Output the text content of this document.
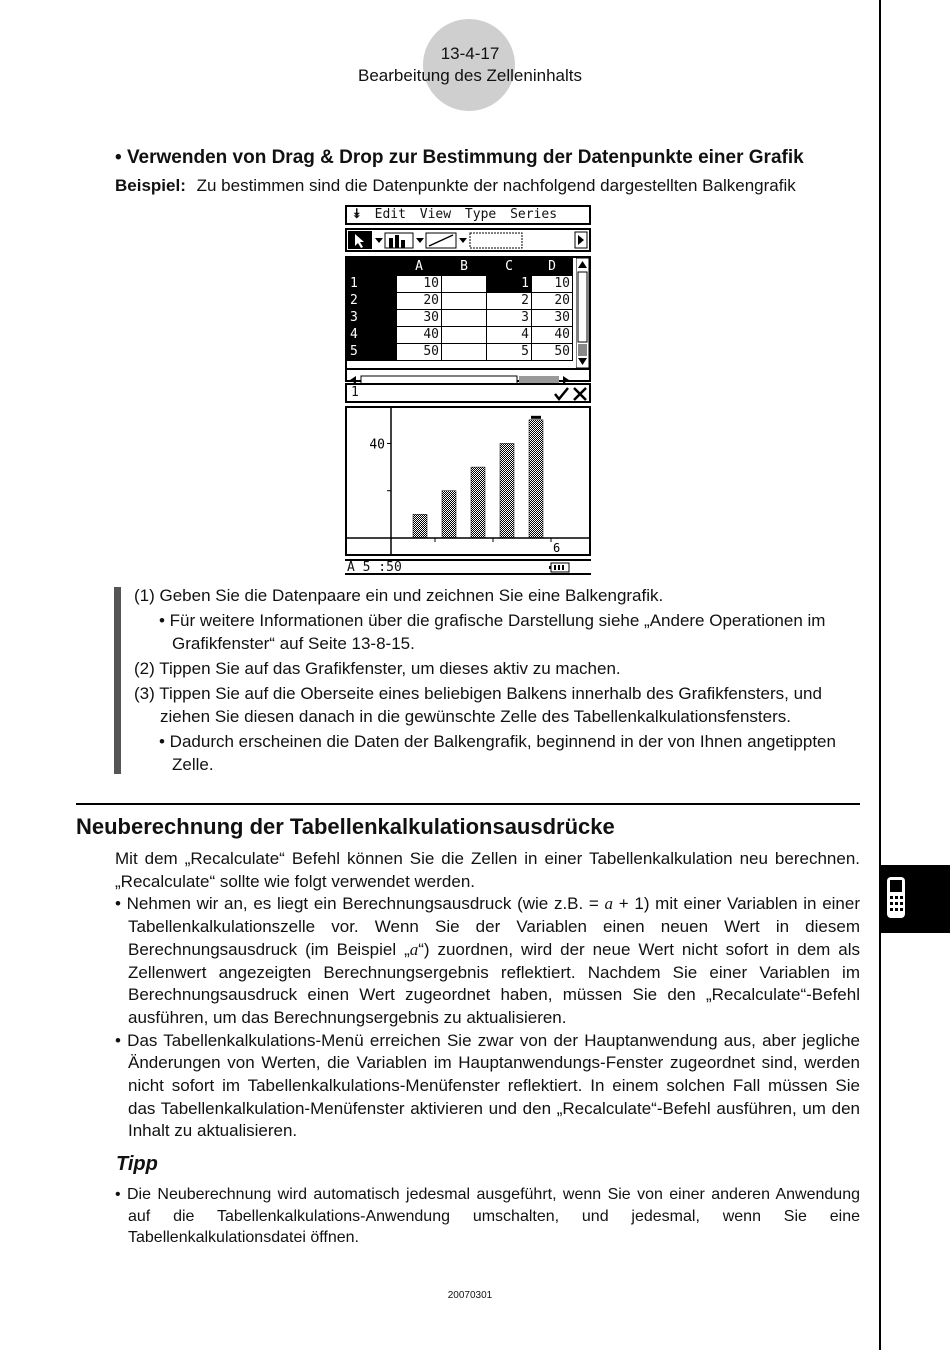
13-4-17
Bearbeitung des Zelleninhalts
• Verwenden von Drag & Drop zur Bestimmung der Datenpunkte einer Grafik
Beispiel: Zu bestimmen sind die Datenpunkte der nachfolgend dargestellten Balkengrafik
⯯ Edit View Type Series
	A	B	C	D
1	10		1	10
2	20		2	20
3	30		3	30
4	40		4	40
5	50		5	50
1
40
6
A 5 :50

(1) Geben Sie die Datenpaare ein und zeichnen Sie eine Balkengrafik.

• Für weitere Informationen über die grafische Darstellung siehe „Andere Operationen im Grafikfenster“ auf Seite 13-8-15.

(2) Tippen Sie auf das Grafikfenster, um dieses aktiv zu machen.

(3) Tippen Sie auf die Oberseite eines beliebigen Balkens innerhalb des Grafikfensters, und ziehen Sie diesen danach in die gewünschte Zelle des Tabellenkalkulationsfensters.

• Dadurch erscheinen die Daten der Balkengrafik, beginnend in der von Ihnen angetippten Zelle.

Neuberechnung der Tabellenkalkulationsausdrücke

Mit dem „Recalculate“ Befehl können Sie die Zellen in einer Tabellenkalkulation neu berechnen. „Recalculate“ sollte wie folgt verwendet werden.

• Nehmen wir an, es liegt ein Berechnungsausdruck (wie z.B. = a + 1) mit einer Variablen in einer Tabellenkalkulationszelle vor. Wenn Sie der Variablen einen neuen Wert in diesem Berechnungsausdruck (im Beispiel „a“) zuordnen, wird der neue Wert nicht sofort in dem als Zellenwert angezeigten Berechnungsergebnis reflektiert. Nachdem Sie einer Variablen im Berechnungsausdruck einen Wert zugeordnet haben, müssen Sie den „Recalculate“-Befehl ausführen, um das Berechnungsergebnis zu aktualisieren.

• Das Tabellenkalkulations-Menü erreichen Sie zwar von der Hauptanwendung aus, aber jegliche Änderungen von Werten, die Variablen im Hauptanwendungs-Fenster zugeordnet sind, werden nicht sofort im Tabellenkalkulations-Menüfenster reflektiert. In einem solchen Fall müssen Sie das Tabellenkalkulation-Menüfenster aktivieren und den „Recalculate“-Befehl ausführen, um den Inhalt zu aktualisieren.

Tipp
• Die Neuberechnung wird automatisch jedesmal ausgeführt, wenn Sie von einer anderen Anwendung auf die Tabellenkalkulations-Anwendung umschalten, und jedesmal, wenn Sie eine Tabellenkalkulationsdatei öffnen.
20070301
